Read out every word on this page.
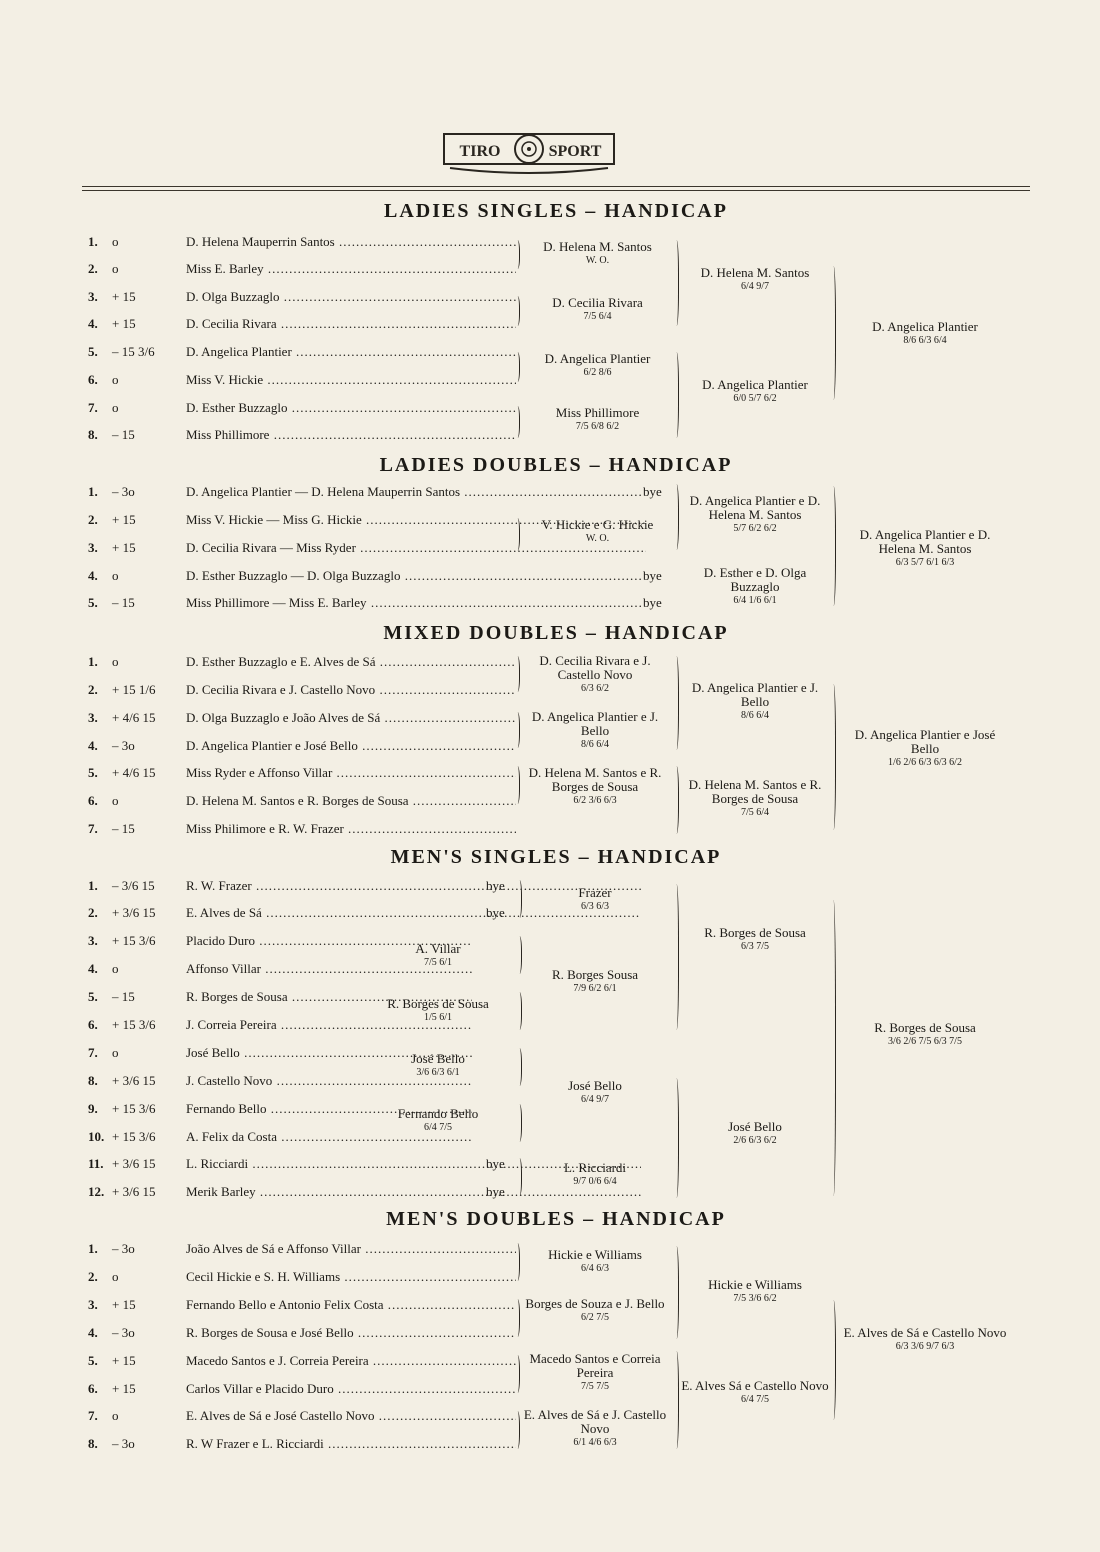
TIRO	SPORT
LADIES SINGLES – HANDICAP
1. o	D. Helena Mauperrin Santos .....
2. o	Miss E. Barley .....
3. + 15	D. Olga Buzzaglo .....
4. + 15	D. Cecilia Rivara .....
5. – 15 3/6 D. Angelica Plantier .....
6. o	Miss V. Hickie .....
7. o	D. Esther Buzzaglo .....
8. – 15	Miss Phillimore .....
D. Helena M. Santos
W. O.
D. Cecilia Rivara
7/5 6/4
D. Angelica Plantier
6/2 8/6
Miss Phillimore
7/5 6/8 6/2
D. Helena M. Santos
6/4 9/7
D. Angelica Plantier
6/0 5/7 6/2
D. Angelica Plantier
8/6 6/3 6/4
LADIES DOUBLES – HANDICAP
1. – 3o	D. Angelica Plantier — D. Helena Mauperrin Santos .....	bye
2. + 15	Miss V. Hickie — Miss G. Hickie .....
3. + 15	D. Cecilia Rivara — Miss Ryder .....
4. o	D. Esther Buzzaglo — D. Olga Buzzaglo .....	bye
5. – 15	Miss Phillimore — Miss E. Barley .....	bye
V. Hickie e G. Hickie
W. O.
D. Angelica Plantier e D. Helena M. Santos
5/7 6/2 6/2
D. Esther e D. Olga Buzzaglo
6/4 1/6 6/1
D. Angelica Plantier e D. Helena M. Santos
6/3 5/7 6/1 6/3
MIXED DOUBLES – HANDICAP
1. o	D. Esther Buzzaglo e E. Alves de Sá .....
2. + 15 1/6 D. Cecilia Rivara e J. Castello Novo .....
3. + 4/6 15 D. Olga Buzzaglo e João Alves de Sá .....
4. – 3o	D. Angelica Plantier e José Bello .....
5. + 4/6 15 Miss Ryder e Affonso Villar .....
6. o	D. Helena M. Santos e R. Borges de Sousa .....
7. – 15	Miss Philimore e R. W. Frazer .....
D. Cecilia Rivara e J. Castello Novo
6/3 6/2
D. Angelica Plantier e J. Bello
8/6 6/4
D. Helena M. Santos e R. Borges de Sousa
6/2 3/6 6/3
D. Angelica Plantier e J. Bello
8/6 6/4
D. Helena M. Santos e R. Borges de Sousa
7/5 6/4
D. Angelica Plantier e José Bello
1/6 2/6 6/3 6/3 6/2
MEN'S SINGLES – HANDICAP
1. – 3/6 15 R. W. Frazer .....	bye
2. + 3/6 15 E. Alves de Sá .....	bye
3. + 15 3/6 Placido Duro .....
4. o	Affonso Villar .....
5. – 15	R. Borges de Sousa .....
6. + 15 3/6 J. Correia Pereira .....
7. o	José Bello .....
8. + 3/6 15 J. Castello Novo .....
9. + 15 3/6 Fernando Bello .....
10. + 15 3/6 A. Felix da Costa .....
11. + 3/6 15 L. Ricciardi .....	bye
12. + 3/6 15 Merik Barley .....	bye
A. Villar
7/5 6/1
R. Borges de Sousa
1/5 6/1
José Bello
3/6 6/3 6/1
Fernando Bello
6/4 7/5
Frazer
6/3 6/3
R. Borges Sousa
7/9 6/2 6/1
José Bello
6/4 9/7
L. Ricciardi
9/7 0/6 6/4
R. Borges de Sousa
6/3 7/5
José Bello
2/6 6/3 6/2
R. Borges de Sousa
3/6 2/6 7/5 6/3 7/5
MEN'S DOUBLES – HANDICAP
1. – 3o	João Alves de Sá e Affonso Villar .....
2. o	Cecil Hickie e S. H. Williams .....
3. + 15	Fernando Bello e Antonio Felix Costa .....
4. – 3o	R. Borges de Sousa e José Bello .....
5. + 15	Macedo Santos e J. Correia Pereira .....
6. + 15	Carlos Villar e Placido Duro .....
7. o	E. Alves de Sá e José Castello Novo .....
8. – 3o	R. W Frazer e L. Ricciardi .....
Hickie e Williams
6/4 6/3
Borges de Souza e J. Bello
6/2 7/5
Macedo Santos e Correia Pereira
7/5 7/5
E. Alves de Sá e J. Castello Novo
6/1 4/6 6/3
Hickie e Williams
7/5 3/6 6/2
E. Alves Sá e Castello Novo
6/4 7/5
E. Alves de Sá e Castello Novo
6/3 3/6 9/7 6/3
